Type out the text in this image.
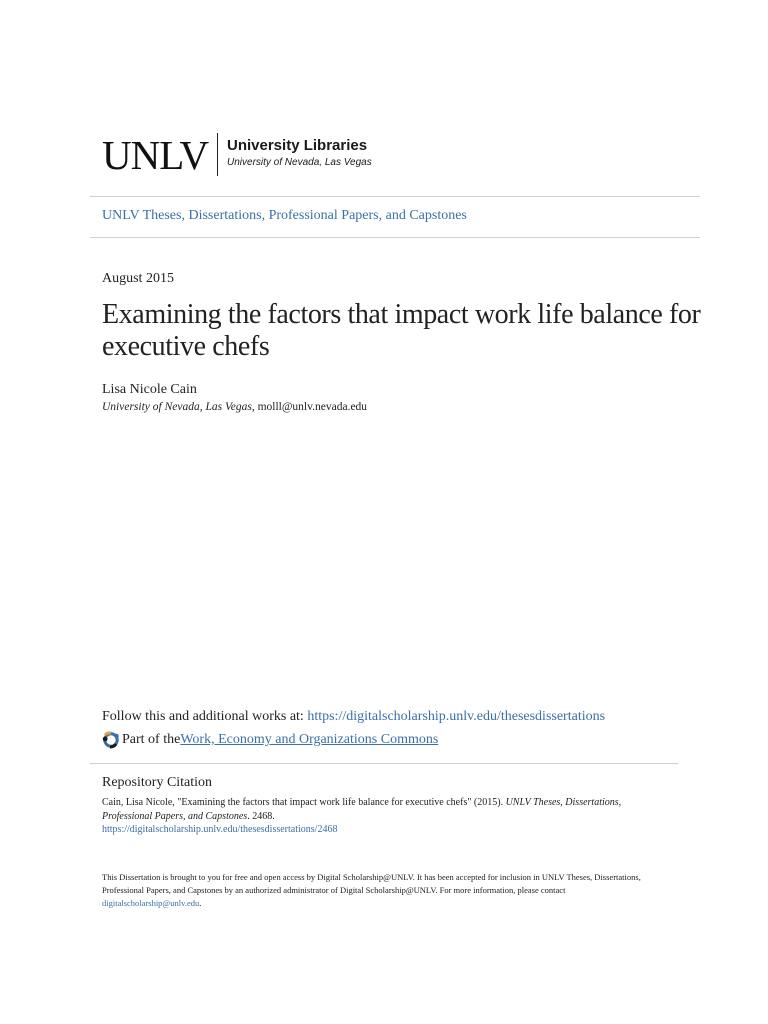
UNLV University Libraries
University of Nevada, Las Vegas
UNLV Theses, Dissertations, Professional Papers, and Capstones
August 2015
Examining the factors that impact work life balance for executive chefs
Lisa Nicole Cain
University of Nevada, Las Vegas, molll@unlv.nevada.edu
Follow this and additional works at: https://digitalscholarship.unlv.edu/thesesdissertations
Part of the Work, Economy and Organizations Commons
Repository Citation
Cain, Lisa Nicole, "Examining the factors that impact work life balance for executive chefs" (2015). UNLV Theses, Dissertations, Professional Papers, and Capstones. 2468.
https://digitalscholarship.unlv.edu/thesesdissertations/2468
This Dissertation is brought to you for free and open access by Digital Scholarship@UNLV. It has been accepted for inclusion in UNLV Theses, Dissertations, Professional Papers, and Capstones by an authorized administrator of Digital Scholarship@UNLV. For more information, please contact
digitalscholarship@unlv.edu.
